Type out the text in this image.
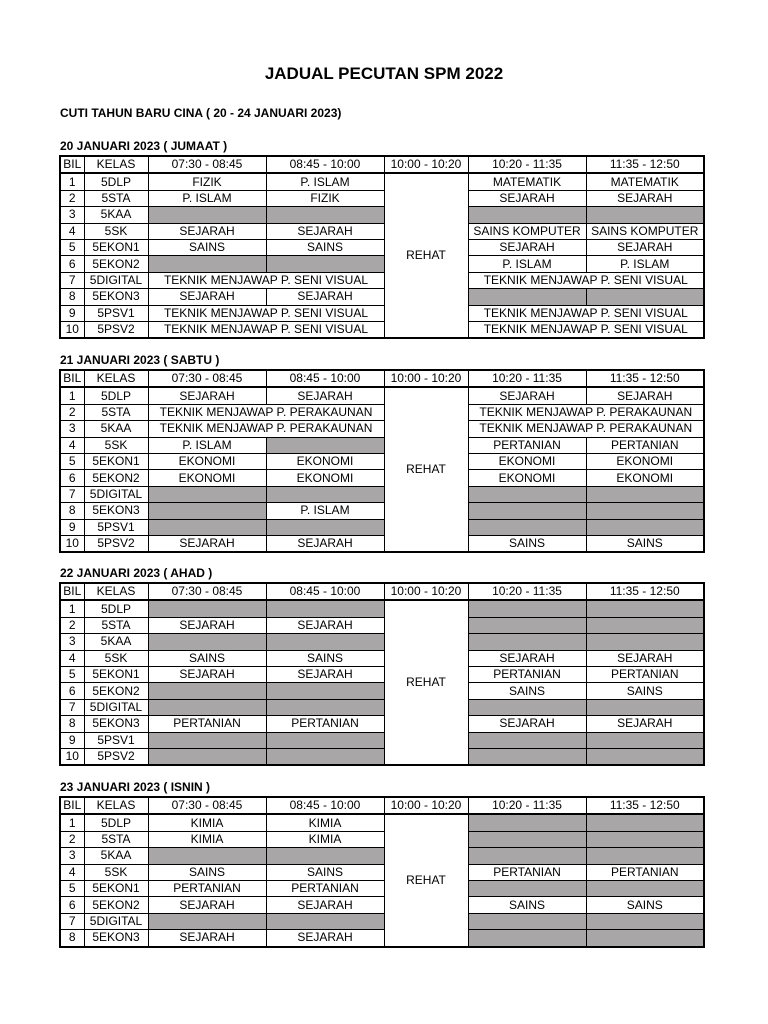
JADUAL PECUTAN SPM 2022
CUTI TAHUN BARU CINA ( 20 - 24 JANUARI 2023)
20 JANUARI 2023 ( JUMAAT )
BIL	KELAS	07:30 - 08:45	08:45 - 10:00	10:00 - 10:20	10:20 - 11:35	11:35 - 12:50
1	5DLP	FIZIK	P. ISLAM	REHAT	MATEMATIK	MATEMATIK
2	5STA	P. ISLAM	FIZIK		SEJARAH	SEJARAH
3	5KAA					
4	5SK	SEJARAH	SEJARAH		SAINS KOMPUTER	SAINS KOMPUTER
5	5EKON1	SAINS	SAINS		SEJARAH	SEJARAH
6	5EKON2				P. ISLAM	P. ISLAM
7	5DIGITAL	TEKNIK MENJAWAP P. SENI VISUAL			TEKNIK MENJAWAP P. SENI VISUAL	
8	5EKON3	SEJARAH	SEJARAH			
9	5PSV1	TEKNIK MENJAWAP P. SENI VISUAL			TEKNIK MENJAWAP P. SENI VISUAL	
10	5PSV2	TEKNIK MENJAWAP P. SENI VISUAL			TEKNIK MENJAWAP P. SENI VISUAL	
21 JANUARI 2023 ( SABTU )
BIL	KELAS	07:30 - 08:45	08:45 - 10:00	10:00 - 10:20	10:20 - 11:35	11:35 - 12:50
1	5DLP	SEJARAH	SEJARAH	REHAT	SEJARAH	SEJARAH
2	5STA	TEKNIK MENJAWAP P. PERAKAUNAN			TEKNIK MENJAWAP P. PERAKAUNAN	
3	5KAA	TEKNIK MENJAWAP P. PERAKAUNAN			TEKNIK MENJAWAP P. PERAKAUNAN	
4	5SK	P. ISLAM			PERTANIAN	PERTANIAN
5	5EKON1	EKONOMI	EKONOMI		EKONOMI	EKONOMI
6	5EKON2	EKONOMI	EKONOMI		EKONOMI	EKONOMI
7	5DIGITAL					
8	5EKON3		P. ISLAM			
9	5PSV1					
10	5PSV2	SEJARAH	SEJARAH		SAINS	SAINS
22 JANUARI 2023 ( AHAD )
BIL	KELAS	07:30 - 08:45	08:45 - 10:00	10:00 - 10:20	10:20 - 11:35	11:35 - 12:50
1	5DLP			REHAT		
2	5STA	SEJARAH	SEJARAH			
3	5KAA					
4	5SK	SAINS	SAINS		SEJARAH	SEJARAH
5	5EKON1	SEJARAH	SEJARAH		PERTANIAN	PERTANIAN
6	5EKON2				SAINS	SAINS
7	5DIGITAL					
8	5EKON3	PERTANIAN	PERTANIAN		SEJARAH	SEJARAH
9	5PSV1					
10	5PSV2					
23 JANUARI 2023 ( ISNIN )
BIL	KELAS	07:30 - 08:45	08:45 - 10:00	10:00 - 10:20	10:20 - 11:35	11:35 - 12:50
1	5DLP	KIMIA	KIMIA	REHAT		
2	5STA	KIMIA	KIMIA			
3	5KAA					
4	5SK	SAINS	SAINS		PERTANIAN	PERTANIAN
5	5EKON1	PERTANIAN	PERTANIAN			
6	5EKON2	SEJARAH	SEJARAH		SAINS	SAINS
7	5DIGITAL					
8	5EKON3	SEJARAH	SEJARAH			
